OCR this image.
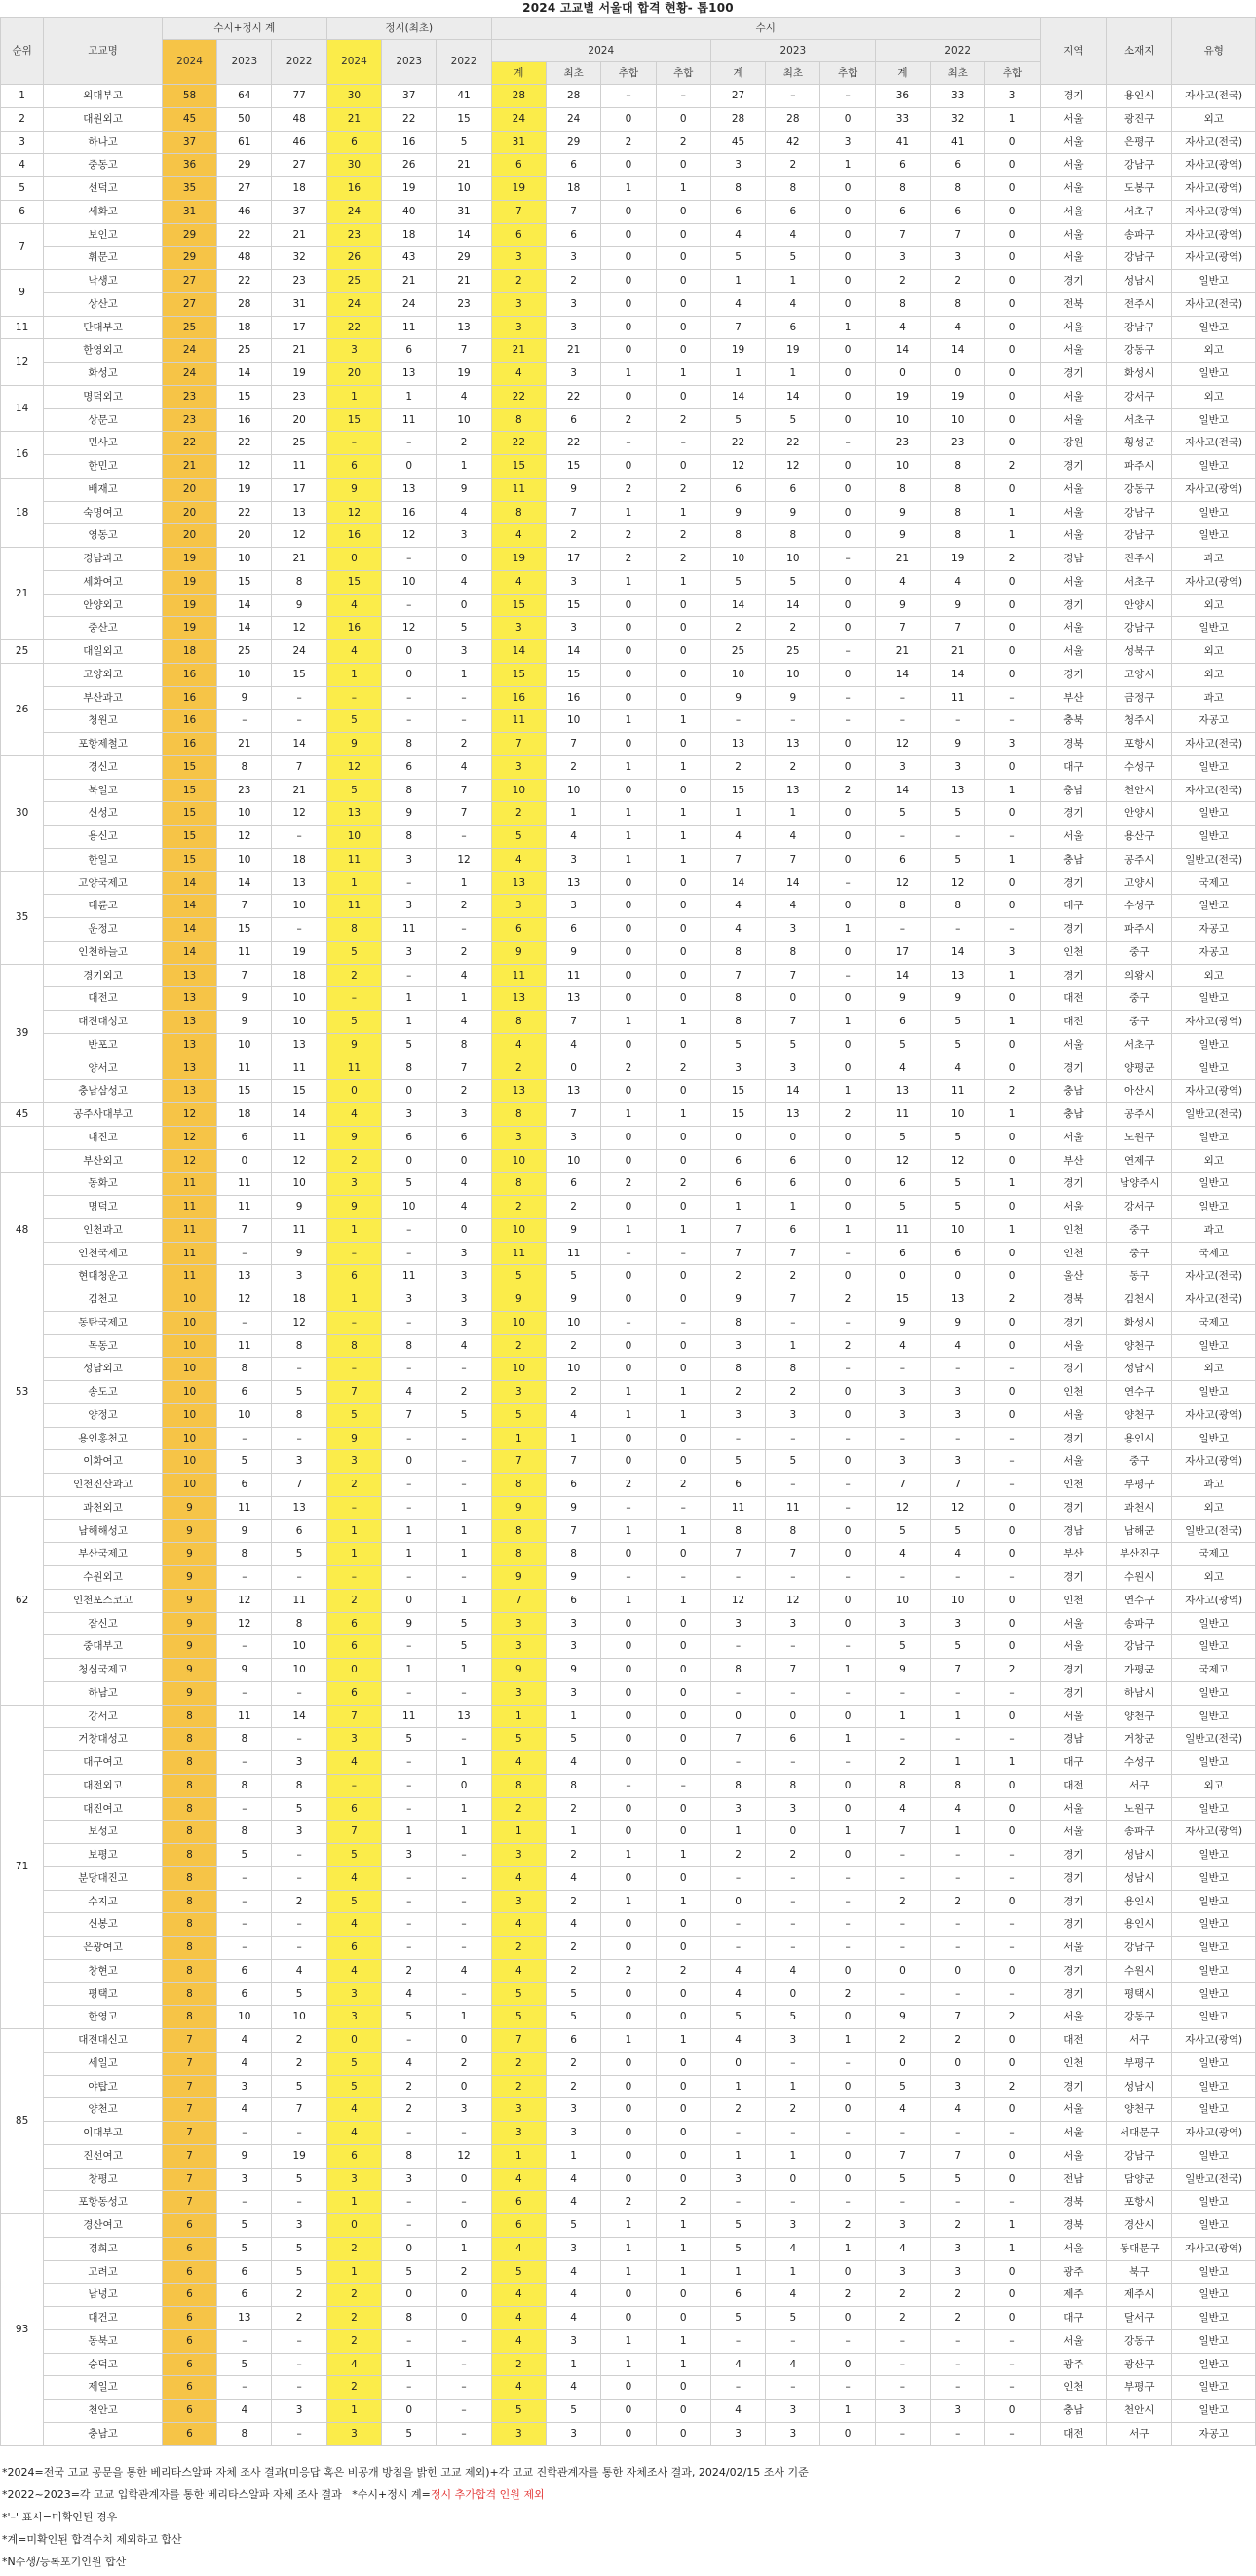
2024 고교별 서울대 합격 현황- 톱100
순위	고교명	수시+정시 계			정시(최초)			수시										지역	소재지	유형
		2024	2023	2022	2024	2023	2022	2024				2023			2022					
								계	최초	추합	추합	계	최초	추합	계	최초	추합			
1	외대부고	58	64	77	30	37	41	28	28	–	–	27	–	–	36	33	3	경기	용인시	자사고(전국)
2	대원외고	45	50	48	21	22	15	24	24	0	0	28	28	0	33	32	1	서울	광진구	외고
3	하나고	37	61	46	6	16	5	31	29	2	2	45	42	3	41	41	0	서울	은평구	자사고(전국)
4	중동고	36	29	27	30	26	21	6	6	0	0	3	2	1	6	6	0	서울	강남구	자사고(광역)
5	선덕고	35	27	18	16	19	10	19	18	1	1	8	8	0	8	8	0	서울	도봉구	자사고(광역)
6	세화고	31	46	37	24	40	31	7	7	0	0	6	6	0	6	6	0	서울	서초구	자사고(광역)
7	보인고	29	22	21	23	18	14	6	6	0	0	4	4	0	7	7	0	서울	송파구	자사고(광역)
	휘문고	29	48	32	26	43	29	3	3	0	0	5	5	0	3	3	0	서울	강남구	자사고(광역)
9	낙생고	27	22	23	25	21	21	2	2	0	0	1	1	0	2	2	0	경기	성남시	일반고
	상산고	27	28	31	24	24	23	3	3	0	0	4	4	0	8	8	0	전북	전주시	자사고(전국)
11	단대부고	25	18	17	22	11	13	3	3	0	0	7	6	1	4	4	0	서울	강남구	일반고
12	한영외고	24	25	21	3	6	7	21	21	0	0	19	19	0	14	14	0	서울	강동구	외고
	화성고	24	14	19	20	13	19	4	3	1	1	1	1	0	0	0	0	경기	화성시	일반고
14	명덕외고	23	15	23	1	1	4	22	22	0	0	14	14	0	19	19	0	서울	강서구	외고
	상문고	23	16	20	15	11	10	8	6	2	2	5	5	0	10	10	0	서울	서초구	일반고
16	민사고	22	22	25	–	–	2	22	22	–	–	22	22	–	23	23	0	강원	횡성군	자사고(전국)
	한민고	21	12	11	6	0	1	15	15	0	0	12	12	0	10	8	2	경기	파주시	일반고
18	배재고	20	19	17	9	13	9	11	9	2	2	6	6	0	8	8	0	서울	강동구	자사고(광역)
	숙명여고	20	22	13	12	16	4	8	7	1	1	9	9	0	9	8	1	서울	강남구	일반고
	영동고	20	20	12	16	12	3	4	2	2	2	8	8	0	9	8	1	서울	강남구	일반고
21	경남과고	19	10	21	0	–	0	19	17	2	2	10	10	–	21	19	2	경남	진주시	과고
	세화여고	19	15	8	15	10	4	4	3	1	1	5	5	0	4	4	0	서울	서초구	자사고(광역)
	안양외고	19	14	9	4	–	0	15	15	0	0	14	14	0	9	9	0	경기	안양시	외고
	중산고	19	14	12	16	12	5	3	3	0	0	2	2	0	7	7	0	서울	강남구	일반고
25	대일외고	18	25	24	4	0	3	14	14	0	0	25	25	–	21	21	0	서울	성북구	외고
26	고양외고	16	10	15	1	0	1	15	15	0	0	10	10	0	14	14	0	경기	고양시	외고
	부산과고	16	9	–	–	–	–	16	16	0	0	9	9	–	–	11	–	부산	금정구	과고
	청원고	16	–	–	5	–	–	11	10	1	1	–	–	–	–	–	–	충북	청주시	자공고
	포항제철고	16	21	14	9	8	2	7	7	0	0	13	13	0	12	9	3	경북	포항시	자사고(전국)
30	경신고	15	8	7	12	6	4	3	2	1	1	2	2	0	3	3	0	대구	수성구	일반고
	북일고	15	23	21	5	8	7	10	10	0	0	15	13	2	14	13	1	충남	천안시	자사고(전국)
	신성고	15	10	12	13	9	7	2	1	1	1	1	1	0	5	5	0	경기	안양시	일반고
	용신고	15	12	–	10	8	–	5	4	1	1	4	4	0	–	–	–	서울	용산구	일반고
	한일고	15	10	18	11	3	12	4	3	1	1	7	7	0	6	5	1	충남	공주시	일반고(전국)
35	고양국제고	14	14	13	1	–	1	13	13	0	0	14	14	–	12	12	0	경기	고양시	국제고
	대륜고	14	7	10	11	3	2	3	3	0	0	4	4	0	8	8	0	대구	수성구	일반고
	운정고	14	15	–	8	11	–	6	6	0	0	4	3	1	–	–	–	경기	파주시	자공고
	인천하늘고	14	11	19	5	3	2	9	9	0	0	8	8	0	17	14	3	인천	중구	자공고
39	경기외고	13	7	18	2	–	4	11	11	0	0	7	7	–	14	13	1	경기	의왕시	외고
	대전고	13	9	10	–	1	1	13	13	0	0	8	0	0	9	9	0	대전	중구	일반고
	대전대성고	13	9	10	5	1	4	8	7	1	1	8	7	1	6	5	1	대전	중구	자사고(광역)
	반포고	13	10	13	9	5	8	4	4	0	0	5	5	0	5	5	0	서울	서초구	일반고
	양서고	13	11	11	11	8	7	2	0	2	2	3	3	0	4	4	0	경기	양평군	일반고
	충남삼성고	13	15	15	0	0	2	13	13	0	0	15	14	1	13	11	2	충남	아산시	자사고(광역)
45	공주사대부고	12	18	14	4	3	3	8	7	1	1	15	13	2	11	10	1	충남	공주시	일반고(전국)
	대진고	12	6	11	9	6	6	3	3	0	0	0	0	0	5	5	0	서울	노원구	일반고
	부산외고	12	0	12	2	0	0	10	10	0	0	6	6	0	12	12	0	부산	연제구	외고
48	동화고	11	11	10	3	5	4	8	6	2	2	6	6	0	6	5	1	경기	남양주시	일반고
	명덕고	11	11	9	9	10	4	2	2	0	0	1	1	0	5	5	0	서울	강서구	일반고
	인천과고	11	7	11	1	–	0	10	9	1	1	7	6	1	11	10	1	인천	중구	과고
	인천국제고	11	–	9	–	–	3	11	11	–	–	7	7	–	6	6	0	인천	중구	국제고
	현대청운고	11	13	3	6	11	3	5	5	0	0	2	2	0	0	0	0	울산	동구	자사고(전국)
53	김천고	10	12	18	1	3	3	9	9	0	0	9	7	2	15	13	2	경북	김천시	자사고(전국)
	동탄국제고	10	–	12	–	–	3	10	10	–	–	8	–	–	9	9	0	경기	화성시	국제고
	목동고	10	11	8	8	8	4	2	2	0	0	3	1	2	4	4	0	서울	양천구	일반고
	성남외고	10	8	–	–	–	–	10	10	0	0	8	8	–	–	–	–	경기	성남시	외고
	송도고	10	6	5	7	4	2	3	2	1	1	2	2	0	3	3	0	인천	연수구	일반고
	양정고	10	10	8	5	7	5	5	4	1	1	3	3	0	3	3	0	서울	양천구	자사고(광역)
	용인홍천고	10	–	–	9	–	–	1	1	0	0	–	–	–	–	–	–	경기	용인시	일반고
	이화여고	10	5	3	3	0	–	7	7	0	0	5	5	0	3	3	–	서울	중구	자사고(광역)
	인천진산과고	10	6	7	2	–	–	8	6	2	2	6	–	–	7	7	–	인천	부평구	과고
62	과천외고	9	11	13	–	–	1	9	9	–	–	11	11	–	12	12	0	경기	과천시	외고
	남해해성고	9	9	6	1	1	1	8	7	1	1	8	8	0	5	5	0	경남	남해군	일반고(전국)
	부산국제고	9	8	5	1	1	1	8	8	0	0	7	7	0	4	4	0	부산	부산진구	국제고
	수원외고	9	–	–	–	–	–	9	9	–	–	–	–	–	–	–	–	경기	수원시	외고
	인천포스코고	9	12	11	2	0	1	7	6	1	1	12	12	0	10	10	0	인천	연수구	자사고(광역)
	잠신고	9	12	8	6	9	5	3	3	0	0	3	3	0	3	3	0	서울	송파구	일반고
	중대부고	9	–	10	6	–	5	3	3	0	0	–	–	–	5	5	0	서울	강남구	일반고
	청심국제고	9	9	10	0	1	1	9	9	0	0	8	7	1	9	7	2	경기	가평군	국제고
	하남고	9	–	–	6	–	–	3	3	0	0	–	–	–	–	–	–	경기	하남시	일반고
71	강서고	8	11	14	7	11	13	1	1	0	0	0	0	0	1	1	0	서울	양천구	일반고
	거창대성고	8	8	–	3	5	–	5	5	0	0	7	6	1	–	–	–	경남	거창군	일반고(전국)
	대구여고	8	–	3	4	–	1	4	4	0	0	–	–	–	2	1	1	대구	수성구	일반고
	대전외고	8	8	8	–	–	0	8	8	–	–	8	8	0	8	8	0	대전	서구	외고
	대진여고	8	–	5	6	–	1	2	2	0	0	3	3	0	4	4	0	서울	노원구	일반고
	보성고	8	8	3	7	1	1	1	1	0	0	1	0	1	7	1	0	서울	송파구	자사고(광역)
	보평고	8	5	–	5	3	–	3	2	1	1	2	2	0	–	–	–	경기	성남시	일반고
	분당대진고	8	–	–	4	–	–	4	4	0	0	–	–	–	–	–	–	경기	성남시	일반고
	수지고	8	–	2	5	–	–	3	2	1	1	0	–	–	2	2	0	경기	용인시	일반고
	신봉고	8	–	–	4	–	–	4	4	0	0	–	–	–	–	–	–	경기	용인시	일반고
	은광여고	8	–	–	6	–	–	2	2	0	0	–	–	–	–	–	–	서울	강남구	일반고
	창현고	8	6	4	4	2	4	4	2	2	2	4	4	0	0	0	0	경기	수원시	일반고
	평택고	8	6	5	3	4	–	5	5	0	0	4	0	2	–	–	–	경기	평택시	일반고
	한영고	8	10	10	3	5	1	5	5	0	0	5	5	0	9	7	2	서울	강동구	일반고
85	대전대신고	7	4	2	0	–	0	7	6	1	1	4	3	1	2	2	0	대전	서구	자사고(광역)
	세일고	7	4	2	5	4	2	2	2	0	0	0	–	–	0	0	0	인천	부평구	일반고
	야탑고	7	3	5	5	2	0	2	2	0	0	1	1	0	5	3	2	경기	성남시	일반고
	양천고	7	4	7	4	2	3	3	3	0	0	2	2	0	4	4	0	서울	양천구	일반고
	이대부고	7	–	–	4	–	–	3	3	0	0	–	–	–	–	–	–	서울	서대문구	자사고(광역)
	진선여고	7	9	19	6	8	12	1	1	0	0	1	1	0	7	7	0	서울	강남구	일반고
	창평고	7	3	5	3	3	0	4	4	0	0	3	0	0	5	5	0	전남	담양군	일반고(전국)
	포항동성고	7	–	–	1	–	–	6	4	2	2	–	–	–	–	–	–	경북	포항시	일반고
93	경산여고	6	5	3	0	–	0	6	5	1	1	5	3	2	3	2	1	경북	경산시	일반고
	경희고	6	5	5	2	0	1	4	3	1	1	5	4	1	4	3	1	서울	동대문구	자사고(광역)
	고려고	6	6	5	1	5	2	5	4	1	1	1	1	0	3	3	0	광주	북구	일반고
	남녕고	6	6	2	2	0	0	4	4	0	0	6	4	2	2	2	0	제주	제주시	일반고
	대건고	6	13	2	2	8	0	4	4	0	0	5	5	0	2	2	0	대구	달서구	일반고
	동북고	6	–	–	2	–	–	4	3	1	1	–	–	–	–	–	–	서울	강동구	일반고
	숭덕고	6	5	–	4	1	–	2	1	1	1	4	4	0	–	–	–	광주	광산구	일반고
	제일고	6	–	–	2	–	–	4	4	0	0	–	–	–	–	–	–	인천	부평구	일반고
	천안고	6	4	3	1	0	–	5	5	0	0	4	3	1	3	3	0	충남	천안시	일반고
	충남고	6	8	–	3	5	–	3	3	0	0	3	3	0	–	–	–	대전	서구	자공고
*2024=전국 고교 공문을 통한 베리타스알파 자체 조사 결과(미응답 혹은 비공개 방침을 밝힌 고교 제외)+각 고교 진학관계자를 통한 자체조사 결과, 2024/02/15 조사 기준
*2022~2023=각 고교 입학관계자를 통한 베리타스알파 자체 조사 결과 *수시+정시 계=정시 추가합격 인원 제외
*'–' 표시=미확인된 경우
*계=미확인된 합격수치 제외하고 합산
*N수생/등록포기인원 합산
